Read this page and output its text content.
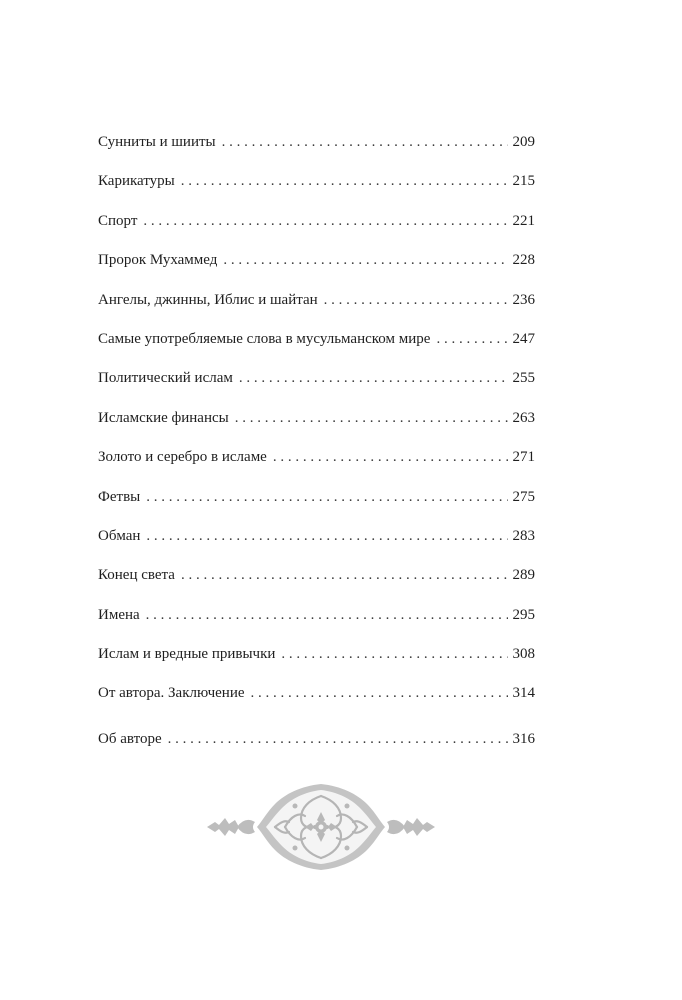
Сунниты и шииты . . .	209
Карикатуры . . .	215
Спорт . . .	221
Пророк Мухаммед . . .	228
Ангелы, джинны, Иблис и шайтан . . .	236
Самые употребляемые слова в мусульманском мире . . .	247
Политический ислам . . .	255
Исламские финансы . . .	263
Золото и серебро в исламе . . .	271
Фетвы . . .	275
Обман . . .	283
Конец света . . .	289
Имена . . .	295
Ислам и вредные привычки . . .	308
От автора. Заключение . . .	314
Об авторе . . .	316
